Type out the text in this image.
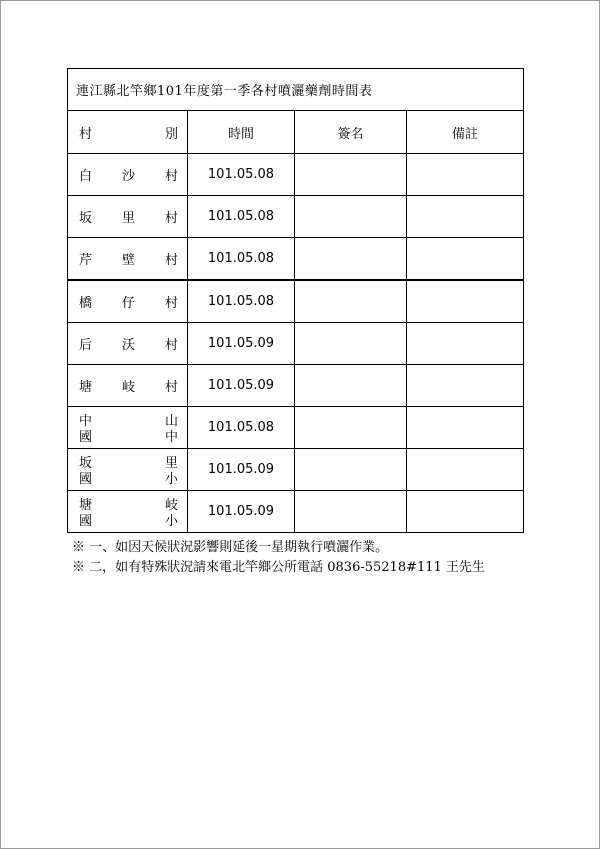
連江縣北竿鄉101年度第一季各村噴灑藥劑時間表			

村 別	時間	簽名	備註

白 沙 村	101.05.08		

坂 里 村	101.05.08		

芹 壁 村	101.05.08		

橋 仔 村	101.05.08		

后 沃 村	101.05.09		

塘 岐 村	101.05.09		

中 山
國 中	101.05.08		

坂 里
國 小	101.05.09		

塘 岐
國 小	101.05.09		
※ 一、如因天候狀況影響則延後一星期執行噴灑作業。
※ 二，如有特殊狀況請來電北竿鄉公所電話 0836-55218#111 王先生
